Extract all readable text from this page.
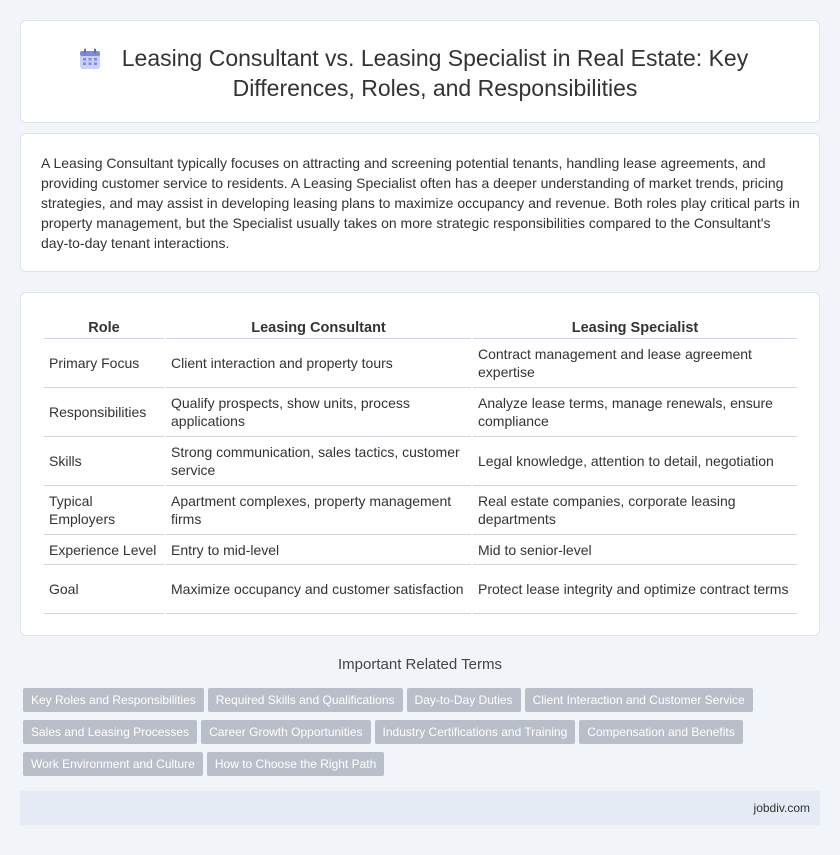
Leasing Consultant vs. Leasing Specialist in Real Estate: Key
Differences, Roles, and Responsibilities

A Leasing Consultant typically focuses on attracting and screening potential tenants, handling lease agreements, and providing customer service to residents. A Leasing Specialist often has a deeper understanding of market trends, pricing strategies, and may assist in developing leasing plans to maximize occupancy and revenue. Both roles play critical parts in property management, but the Specialist usually takes on more strategic responsibilities compared to the Consultant's day-to-day tenant interactions.

Role	Leasing Consultant	Leasing Specialist
Primary Focus	Client interaction and property tours	Contract management and lease agreement expertise
Responsibilities	Qualify prospects, show units, process applications	Analyze lease terms, manage renewals, ensure compliance
Skills	Strong communication, sales tactics, customer service	Legal knowledge, attention to detail, negotiation
Typical Employers	Apartment complexes, property management firms	Real estate companies, corporate leasing departments
Experience Level	Entry to mid-level	Mid to senior-level
Goal	Maximize occupancy and customer satisfaction	Protect lease integrity and optimize contract terms
Important Related Terms
Key Roles and Responsibilities Required Skills and Qualifications Day-to-Day Duties Client Interaction and Customer Service
Sales and Leasing Processes Career Growth Opportunities Industry Certifications and Training Compensation and Benefits
Work Environment and Culture How to Choose the Right Path
jobdiv.com
